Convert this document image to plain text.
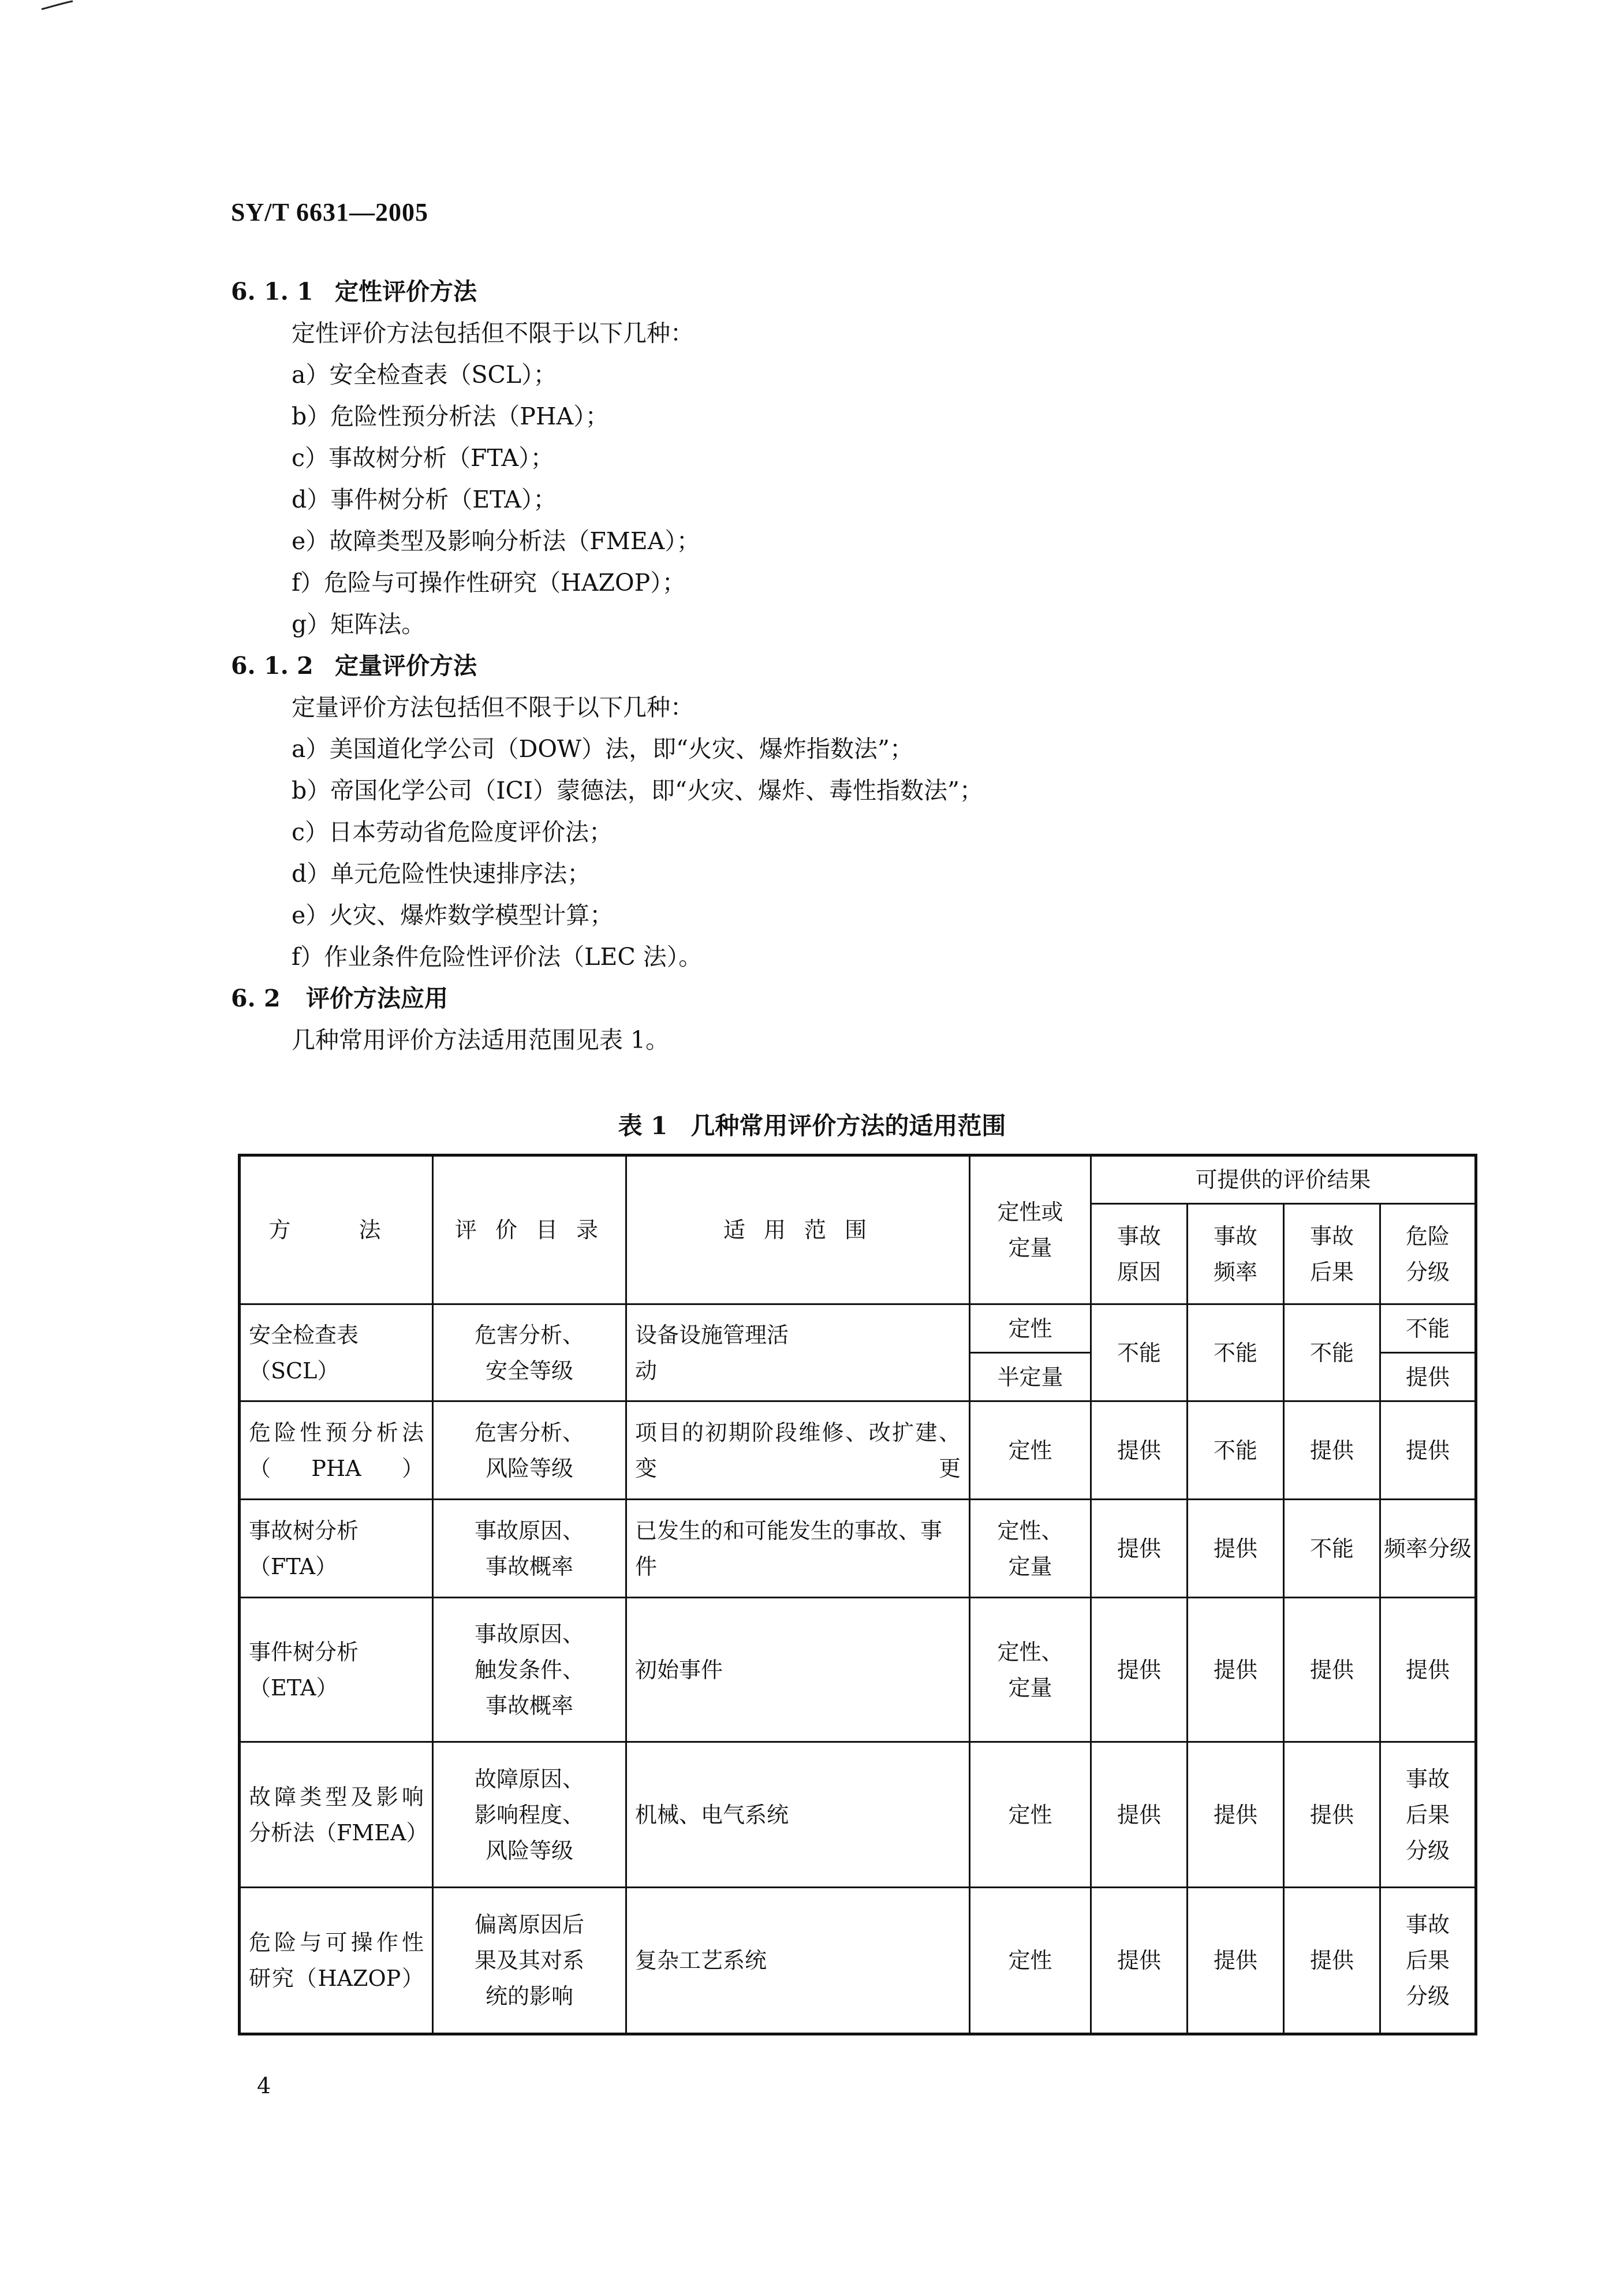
SY/T 6631—2005
6. 1. 1 定性评价方法
定性评价方法包括但不限于以下几种：
a）安全检查表（SCL）；
b）危险性预分析法（PHA）；
c）事故树分析（FTA）；
d）事件树分析（ETA）；
e）故障类型及影响分析法（FMEA）；
f）危险与可操作性研究（HAZOP）；
g）矩阵法。
6. 1. 2 定量评价方法
定量评价方法包括但不限于以下几种：
a）美国道化学公司（DOW）法，即“火灾、爆炸指数法”；
b）帝国化学公司（ICI）蒙德法，即“火灾、爆炸、毒性指数法”；
c）日本劳动省危险度评价法；
d）单元危险性快速排序法；
e）火灾、爆炸数学模型计算；
f）作业条件危险性评价法（LEC 法）。
6. 2 评价方法应用
几种常用评价方法适用范围见表 1。
表 1 几种常用评价方法的适用范围
方　法	评 价 目 录	适 用 范 围	定性或定量	可提供的评价结果			
				事故原因	事故频率	事故后果	危险分级
安全检查表（SCL）	危害分析、安全等级	设备设施管理活动	定性	不能	不能	不能	不能
			半定量				提供
危险性预分析法（PHA）	危害分析、风险等级	项目的初期阶段维修、改扩建、变更	定性	提供	不能	提供	提供
事故树分析（FTA）	事故原因、事故概率	已发生的和可能发生的事故、事件	定性、定量	提供	提供	不能	频率分级
事件树分析（ETA）	事故原因、触发条件、事故概率	初始事件	定性、定量	提供	提供	提供	提供
故障类型及影响分析法（FMEA）	故障原因、影响程度、风险等级	机械、电气系统	定性	提供	提供	提供	事故后果分级
危险与可操作性研究（HAZOP）	偏离原因后果及其对系统的影响	复杂工艺系统	定性	提供	提供	提供	事故后果分级
4
